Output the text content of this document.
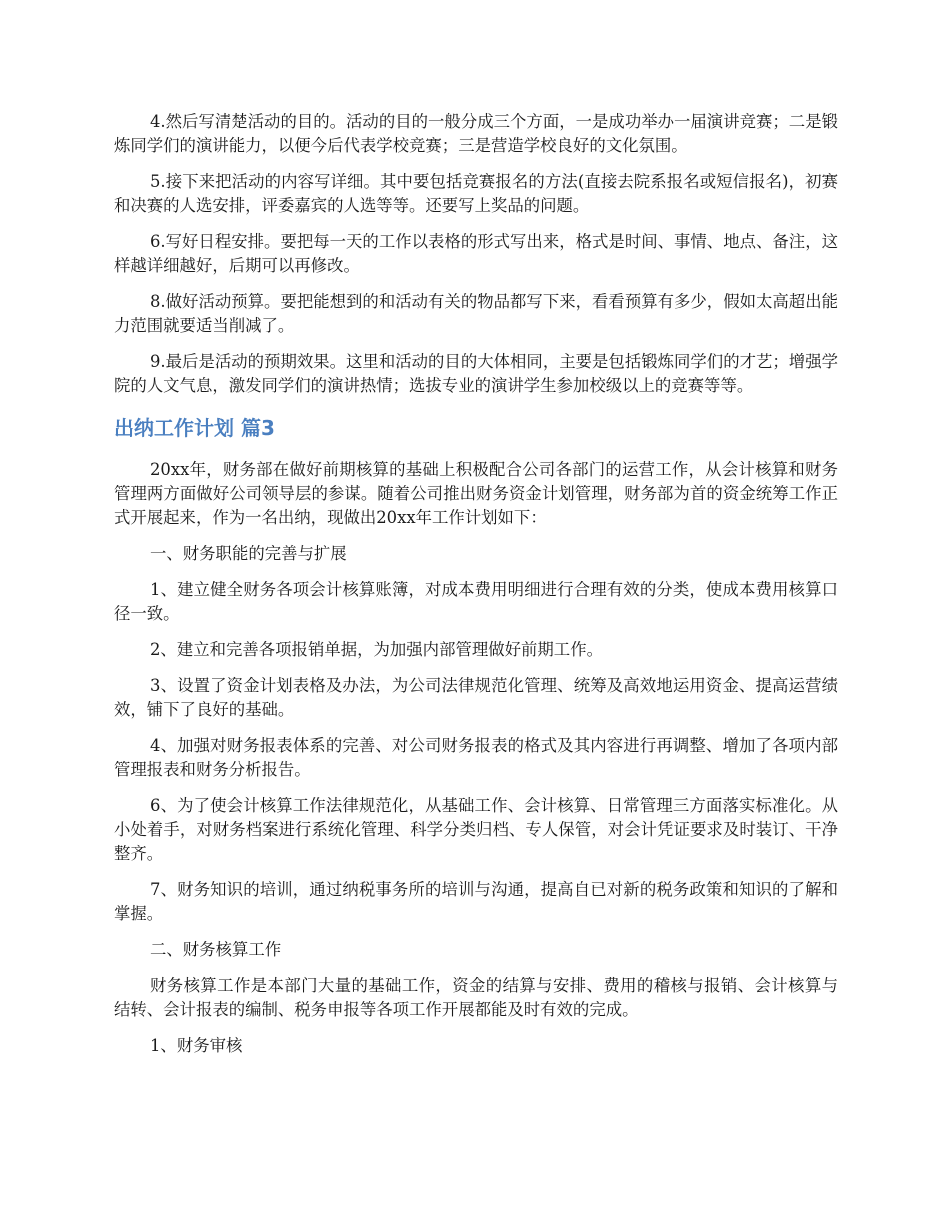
4.然后写清楚活动的目的。活动的目的一般分成三个方面，一是成功举办一届演讲竞赛；二是锻炼同学们的演讲能力，以便今后代表学校竞赛；三是营造学校良好的文化氛围。

5.接下来把活动的内容写详细。其中要包括竞赛报名的方法(直接去院系报名或短信报名)，初赛和决赛的人选安排，评委嘉宾的人选等等。还要写上奖品的问题。

6.写好日程安排。要把每一天的工作以表格的形式写出来，格式是时间、事情、地点、备注，这样越详细越好，后期可以再修改。

8.做好活动预算。要把能想到的和活动有关的物品都写下来，看看预算有多少，假如太高超出能力范围就要适当削减了。

9.最后是活动的预期效果。这里和活动的目的大体相同，主要是包括锻炼同学们的才艺；增强学院的人文气息，激发同学们的演讲热情；选拔专业的演讲学生参加校级以上的竞赛等等。

出纳工作计划 篇3

20xx年，财务部在做好前期核算的基础上积极配合公司各部门的运营工作，从会计核算和财务管理两方面做好公司领导层的参谋。随着公司推出财务资金计划管理，财务部为首的资金统筹工作正式开展起来，作为一名出纳，现做出20xx年工作计划如下：

一、财务职能的完善与扩展

1、建立健全财务各项会计核算账簿，对成本费用明细进行合理有效的分类，使成本费用核算口径一致。

2、建立和完善各项报销单据，为加强内部管理做好前期工作。

3、设置了资金计划表格及办法，为公司法律规范化管理、统筹及高效地运用资金、提高运营绩效，铺下了良好的基础。

4、加强对财务报表体系的完善、对公司财务报表的格式及其内容进行再调整、增加了各项内部管理报表和财务分析报告。

6、为了使会计核算工作法律规范化，从基础工作、会计核算、日常管理三方面落实标准化。从小处着手，对财务档案进行系统化管理、科学分类归档、专人保管，对会计凭证要求及时装订、干净整齐。

7、财务知识的培训，通过纳税事务所的培训与沟通，提高自已对新的税务政策和知识的了解和掌握。

二、财务核算工作

财务核算工作是本部门大量的基础工作，资金的结算与安排、费用的稽核与报销、会计核算与结转、会计报表的编制、税务申报等各项工作开展都能及时有效的完成。

1、财务审核
